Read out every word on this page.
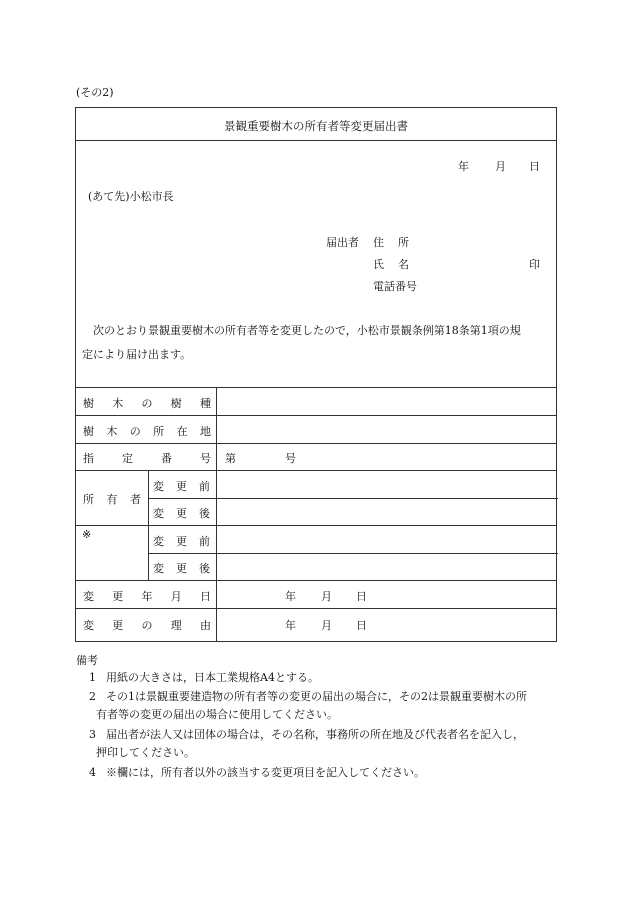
(その2)
景観重要樹木の所有者等変更届出書
年 月 日
(あて先)小松市長
届出者 住 所
氏 名	印
電話番号
次のとおり景観重要樹木の所有者等を変更したので，小松市景観条例第18条第1項の規
定により届け出ます。
樹 木 の 樹 種
樹 木 の 所 在 地
指	定	番	号 第	号
所 有 者
変 更 前
変 更 後
※
変 更 前
変 更 後
変 更 年 月 日	年 月 日
変 更 の 理 由	年 月 日
備考
1 用紙の大きさは，日本工業規格A4とする。
2 その1は景観重要建造物の所有者等の変更の届出の場合に，その2は景観重要樹木の所
有者等の変更の届出の場合に使用してください。
3 届出者が法人又は団体の場合は，その名称，事務所の所在地及び代表者名を記入し，
押印してください。
4 ※欄には，所有者以外の該当する変更項目を記入してください。
